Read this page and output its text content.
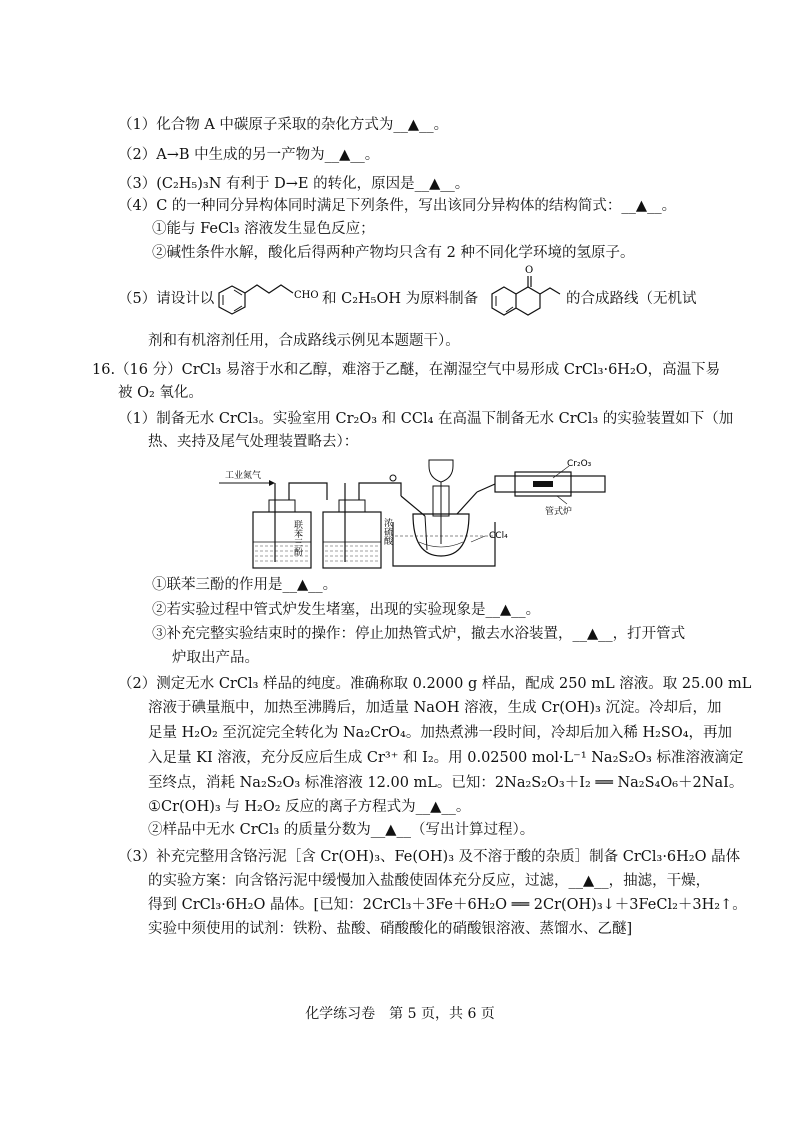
（1）化合物 A 中碳原子采取的杂化方式为__▲__。
（2）A→B 中生成的另一产物为__▲__。
（3）(C₂H₅)₃N 有利于 D→E 的转化，原因是__▲__。
（4）C 的一种同分异构体同时满足下列条件，写出该同分异构体的结构简式：__▲__。
①能与 FeCl₃ 溶液发生显色反应；
②碱性条件水解，酸化后得两种产物均只含有 2 种不同化学环境的氢原子。
（5）请设计以	CHO 和 C₂H₅OH 为原料制备
O
的合成路线（无机试
剂和有机溶剂任用，合成路线示例见本题题干）。
16.（16 分）CrCl₃ 易溶于水和乙醇，难溶于乙醚，在潮湿空气中易形成 CrCl₃·6H₂O，高温下易
被 O₂ 氧化。
（1）制备无水 CrCl₃。实验室用 Cr₂O₃ 和 CCl₄ 在高温下制备无水 CrCl₃ 的实验装置如下（加
热、夹持及尾气处理装置略去）：
工业氮气
联苯三酚	浓硫酸	CCl₄
Cr₂O₃
管式炉
①联苯三酚的作用是__▲__。
②若实验过程中管式炉发生堵塞，出现的实验现象是__▲__。
③补充完整实验结束时的操作：停止加热管式炉，撤去水浴装置，__▲__，打开管式
炉取出产品。
（2）测定无水 CrCl₃ 样品的纯度。准确称取 0.2000 g 样品，配成 250 mL 溶液。取 25.00 mL
溶液于碘量瓶中，加热至沸腾后，加适量 NaOH 溶液，生成 Cr(OH)₃ 沉淀。冷却后，加
足量 H₂O₂ 至沉淀完全转化为 Na₂CrO₄。加热煮沸一段时间，冷却后加入稀 H₂SO₄，再加
入足量 KI 溶液，充分反应后生成 Cr³⁺ 和 I₂。用 0.02500 mol·L⁻¹ Na₂S₂O₃ 标准溶液滴定
至终点，消耗 Na₂S₂O₃ 标准溶液 12.00 mL。已知：2Na₂S₂O₃＋I₂ ══ Na₂S₄O₆＋2NaI。
①Cr(OH)₃ 与 H₂O₂ 反应的离子方程式为__▲__。
②样品中无水 CrCl₃ 的质量分数为__▲__（写出计算过程）。
（3）补充完整用含铬污泥［含 Cr(OH)₃、Fe(OH)₃ 及不溶于酸的杂质］制备 CrCl₃·6H₂O 晶体
的实验方案：向含铬污泥中缓慢加入盐酸使固体充分反应，过滤，__▲__，抽滤，干燥，
得到 CrCl₃·6H₂O 晶体。[已知：2CrCl₃＋3Fe＋6H₂O ══ 2Cr(OH)₃↓＋3FeCl₂＋3H₂↑。
实验中须使用的试剂：铁粉、盐酸、硝酸酸化的硝酸银溶液、蒸馏水、乙醚]
化学练习卷　第 5 页，共 6 页
